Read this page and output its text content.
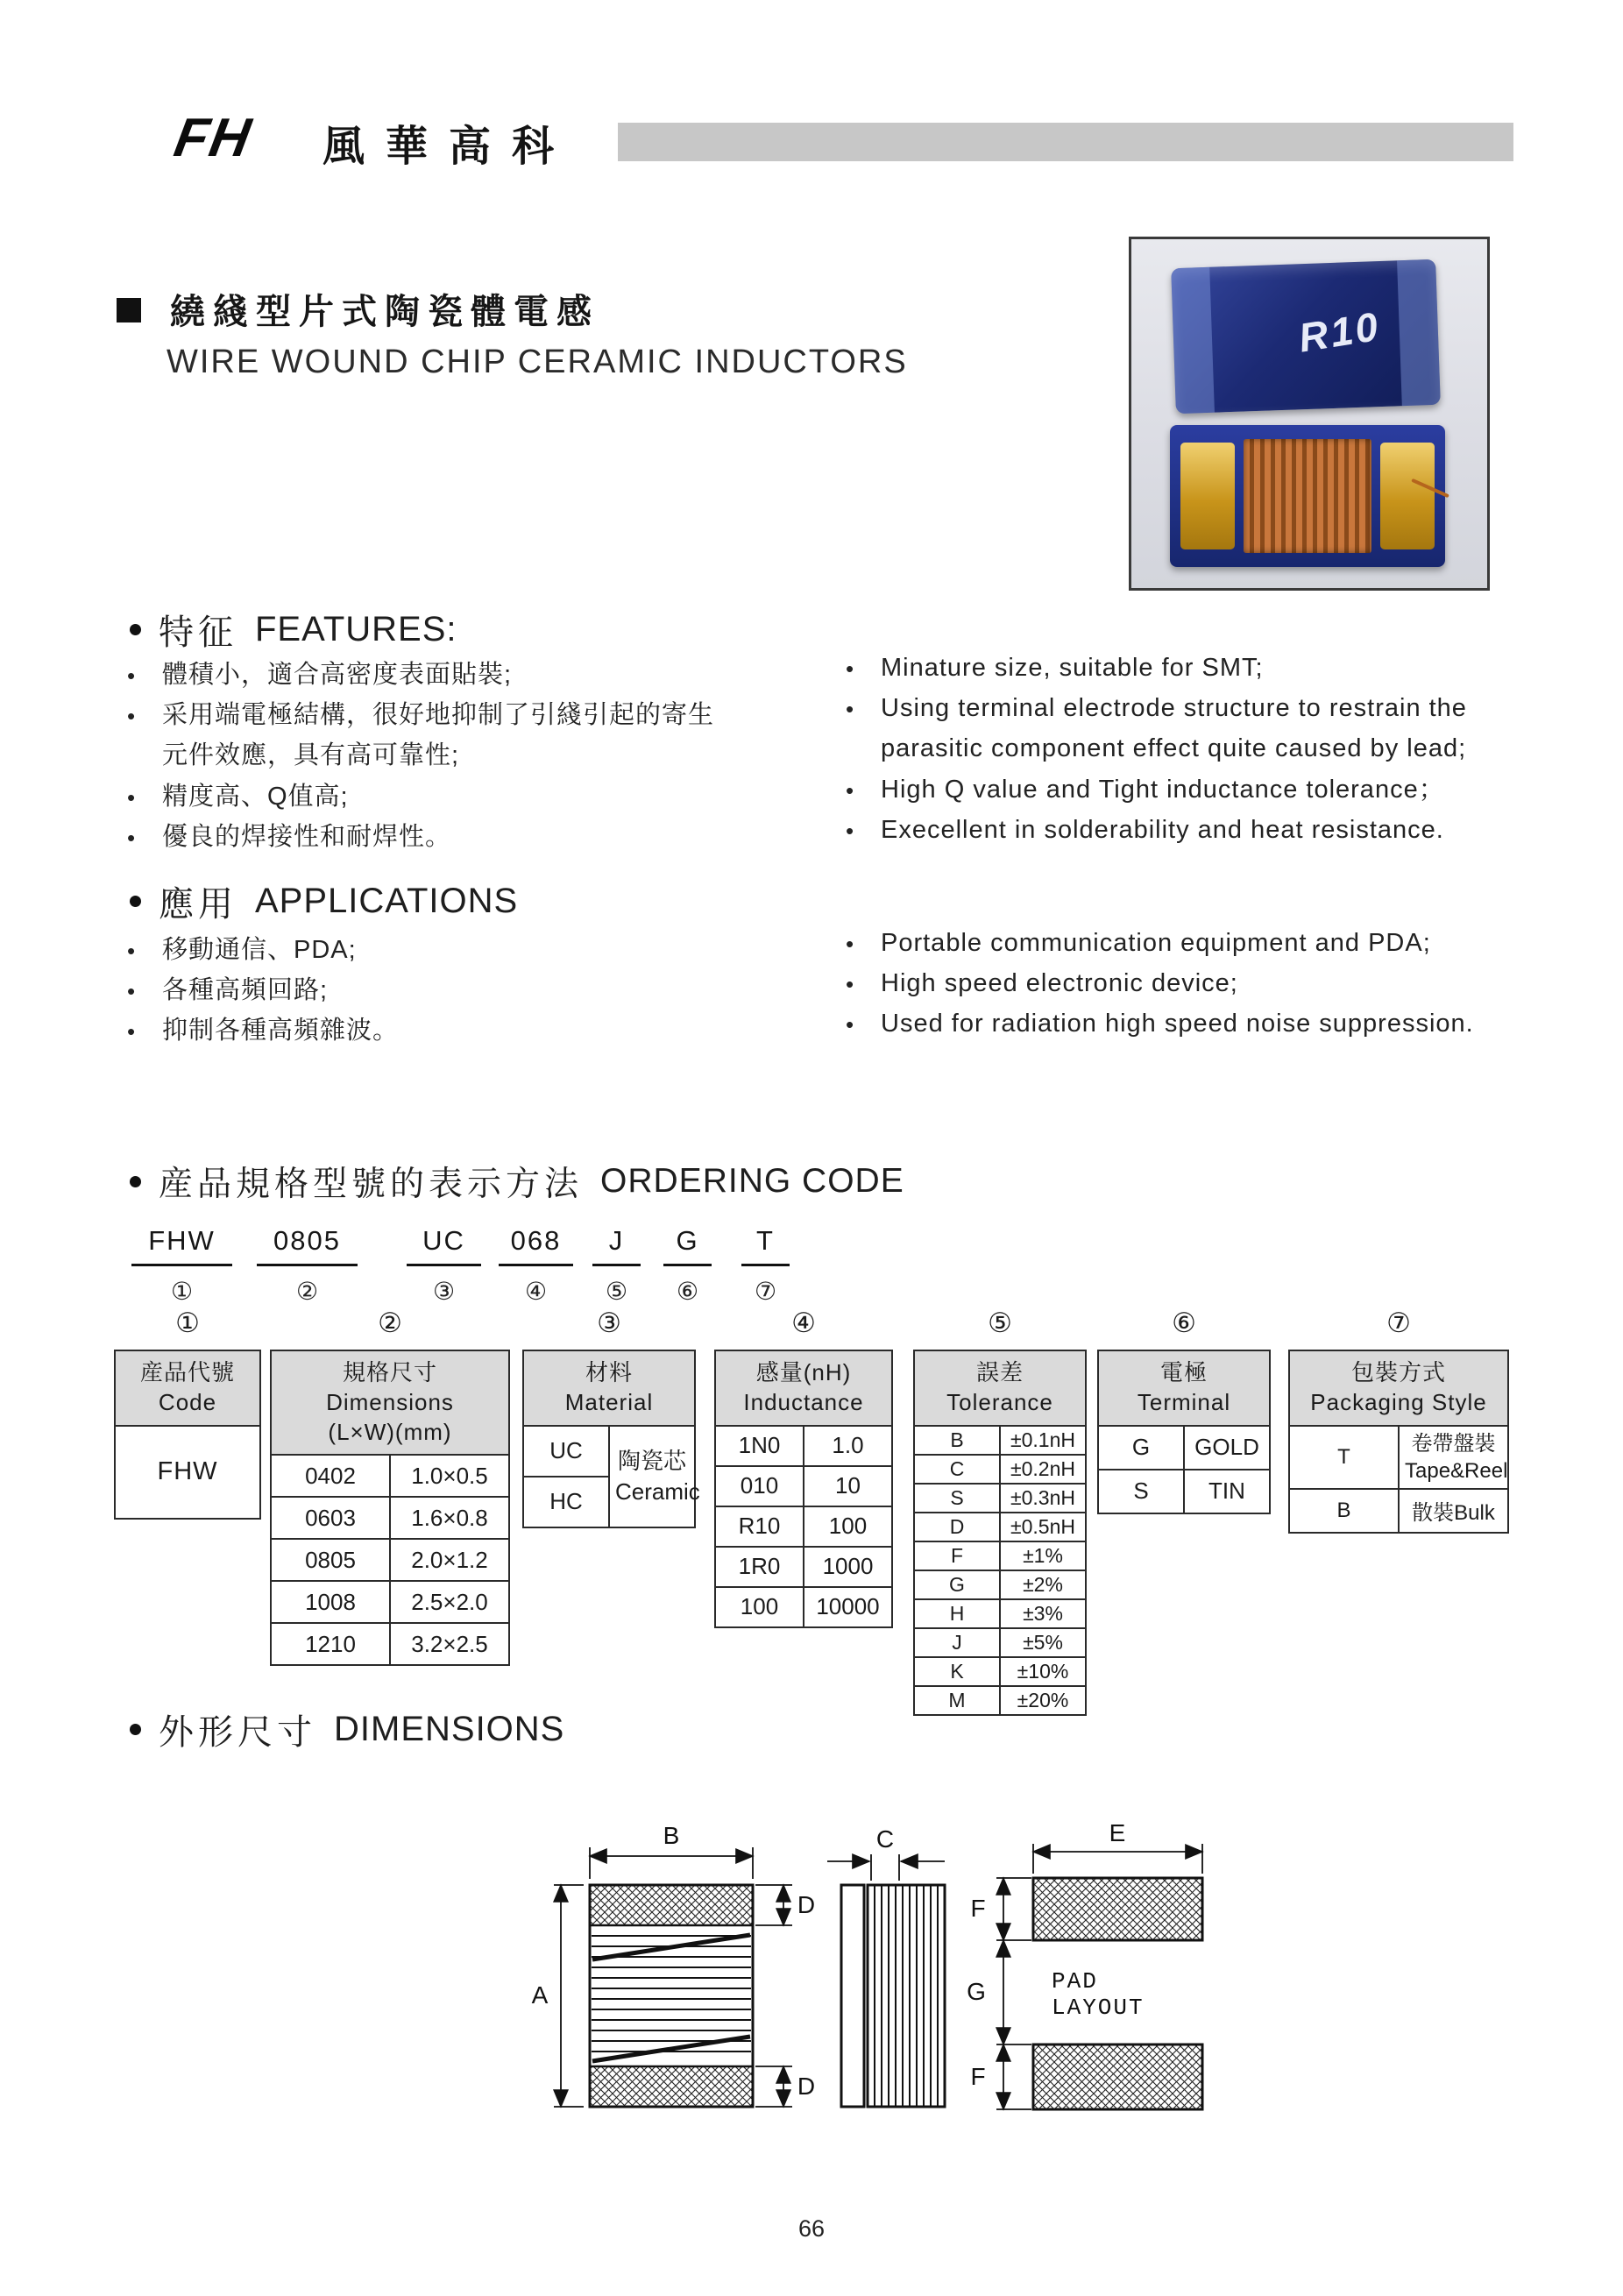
FH 風華高科
繞綫型片式陶瓷體電感
WIRE WOUND CHIP CERAMIC INDUCTORS
R10
特征 FEATURES:
•	體積小，適合高密度表面貼裝;
•	采用端電極結構，很好地抑制了引綫引起的寄生
元件效應，具有高可靠性;
•	精度高、Q值高;
•	優良的焊接性和耐焊性。
•	Minature size, suitable for SMT;
•	Using terminal electrode structure to restrain the
parasitic component effect quite caused by lead;
•	High Q value and Tight inductance tolerance；
•	Execellent in solderability and heat resistance.
應用 APPLICATIONS
•	移動通信、PDA;
•	各種高頻回路;
•	抑制各種高頻雜波。
•	Portable communication equipment and PDA;
•	High speed electronic device;
•	Used for radiation high speed noise suppression.
産品規格型號的表示方法 ORDERING CODE
FHW
①
0805
②
UC
③
068
④
J
⑤
G
⑥
T
⑦
①
産品代號
Code

FHW
②
規格尺寸
Dimensions
(L×W)(mm)	

0402	1.0×0.5
0603	1.6×0.8
0805	2.0×1.2
1008	2.5×2.0
1210	3.2×2.5
③
材料
Material

UC	陶瓷芯
Ceramic

HC
④
感量(nH)
Inductance	

1N0	1.0
010	10
R10	100
1R0	1000
100	10000
⑤
誤差
Tolerance	

B	±0.1nH
C	±0.2nH
S	±0.3nH
D	±0.5nH
F	±1%
G	±2%
H	±3%
J	±5%
K	±10%
M	±20%
⑥
電極
Terminal	

G	GOLD
S	TIN
⑦
包裝方式
Packaging Style	

T	卷帶盤裝
Tape&Reel

B	散裝Bulk
外形尺寸 DIMENSIONS
B
A
D
D
C	E
F
G
F
PAD
LAYOUT
66
